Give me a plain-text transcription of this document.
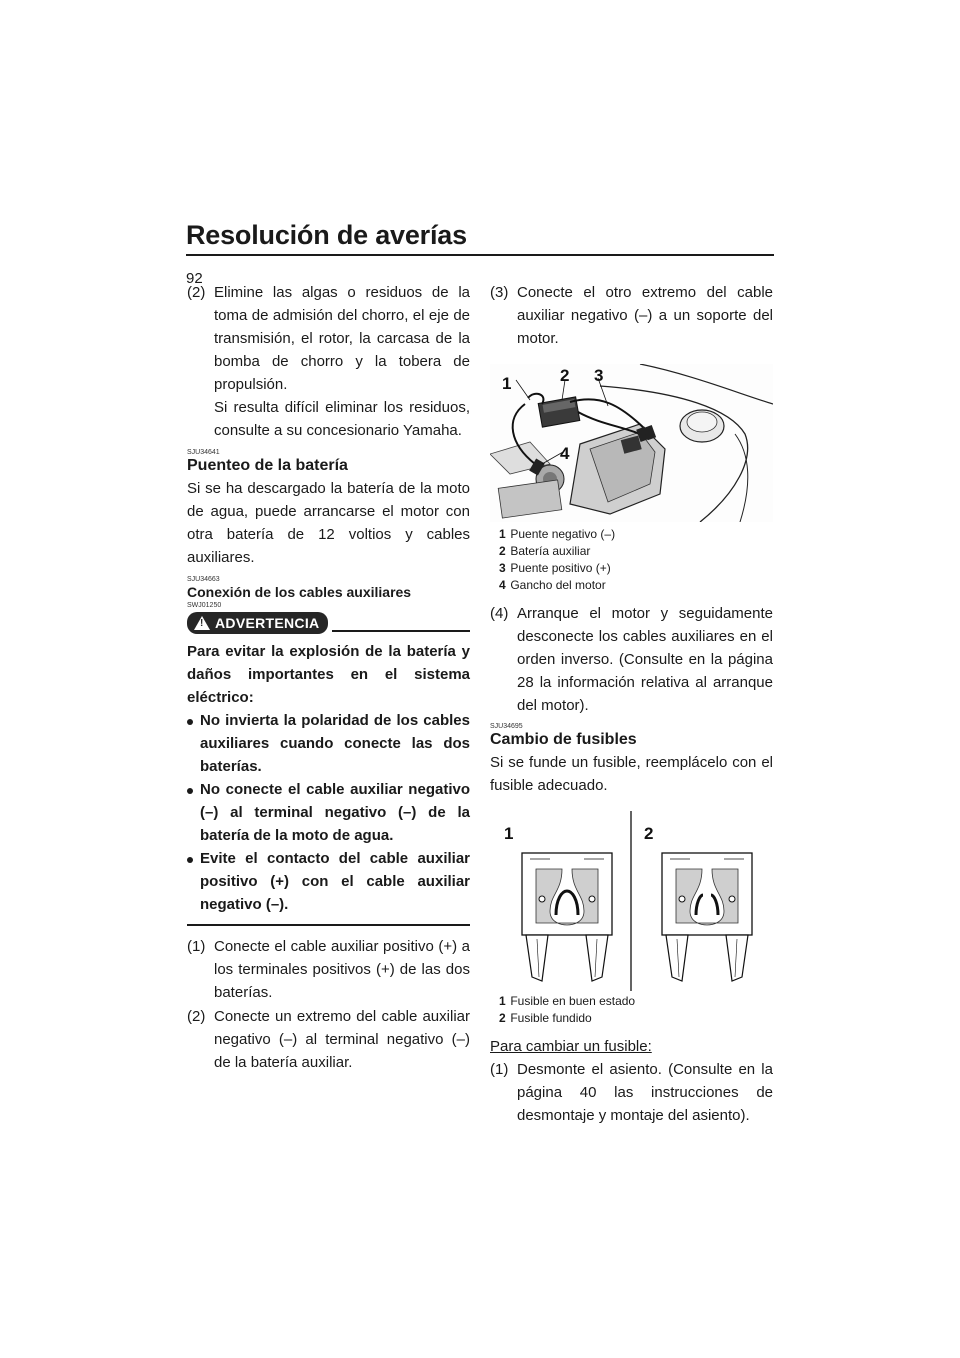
Resolución de averías
92
(2) Elimine las algas o residuos de la toma de admisión del chorro, el eje de transmisión, el rotor, la carcasa de la bomba de chorro y la tobera de propulsión.

Si resulta difícil eliminar los residuos, consulte a su concesionario Yamaha.

SJU34641
Puenteo de la batería

Si se ha descargado la batería de la moto de agua, puede arrancarse el motor con otra batería de 12 voltios y cables auxiliares.

SJU34663
Conexión de los cables auxiliares
SWJ01250
! ADVERTENCIA

Para evitar la explosión de la batería y daños importantes en el sistema eléctrico:

No invierta la polaridad de los cables auxiliares cuando conecte las dos baterías.
No conecte el cable auxiliar negativo (–) al terminal negativo (–) de la batería de la moto de agua.
Evite el contacto del cable auxiliar positivo (+) con el cable auxiliar negativo (–).
(1) Conecte el cable auxiliar positivo (+) a los terminales positivos (+) de las dos baterías.

(2) Conecte un extremo del cable auxiliar negativo (–) al terminal negativo (–) de la batería auxiliar.

(3) Conecte el otro extremo del cable auxiliar negativo (–) a un soporte del motor.

1	2 3
4
1 Puente negativo (–)
2 Batería auxiliar
3 Puente positivo (+)
4 Gancho del motor
(4) Arranque el motor y seguidamente desconecte los cables auxiliares en el orden inverso. (Consulte en la página 28 la información relativa al arranque del motor).

SJU34695
Cambio de fusibles

Si se funde un fusible, reemplácelo con el fusible adecuado.

1	2
1 Fusible en buen estado
2 Fusible fundido
Para cambiar un fusible:
(1) Desmonte el asiento. (Consulte en la página 40 las instrucciones de desmontaje y montaje del asiento).
